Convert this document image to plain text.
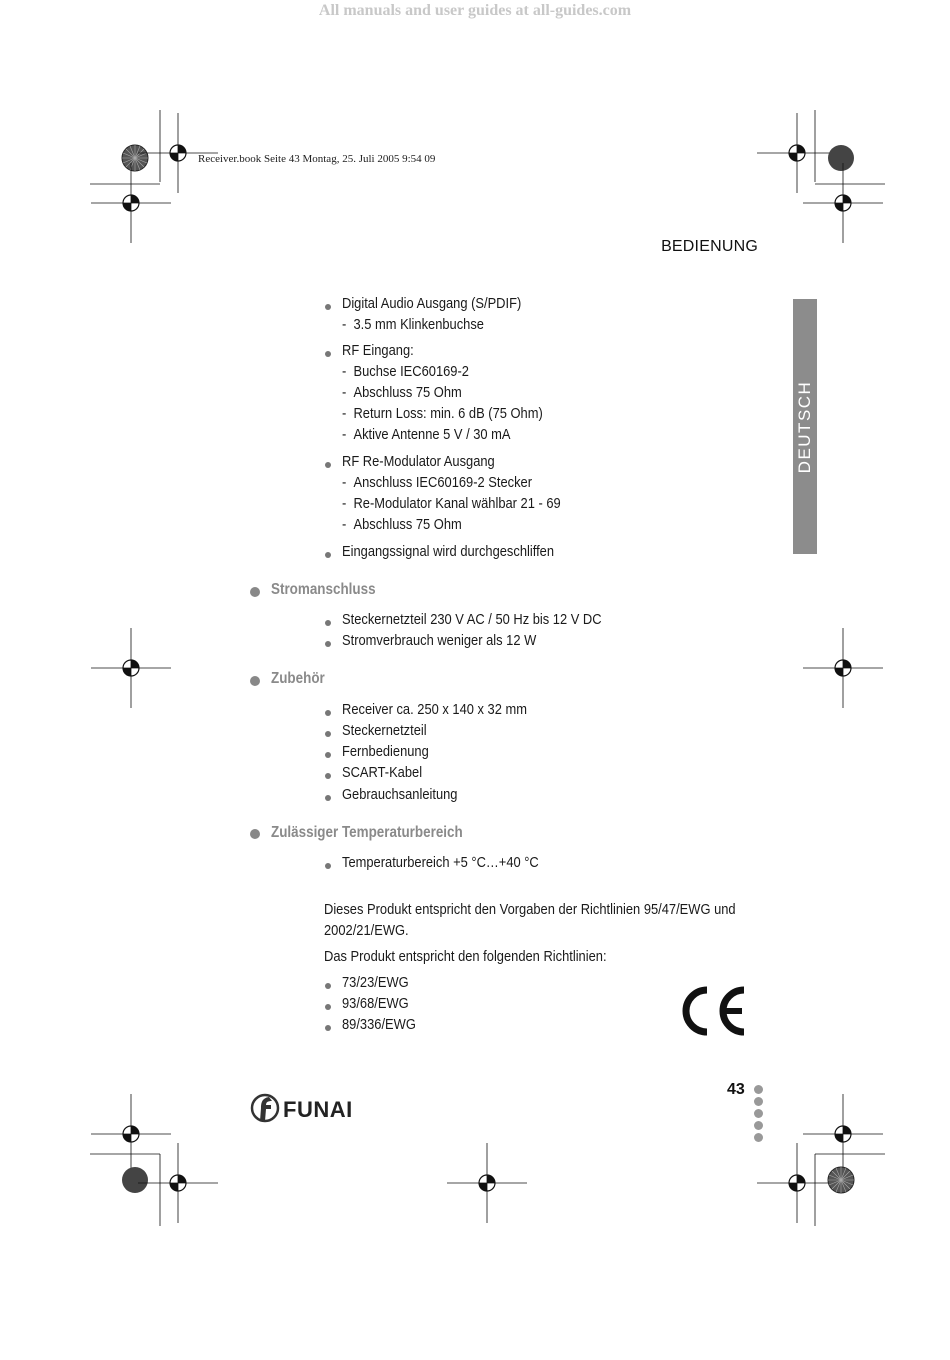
All manuals and user guides at all-guides.com
Receiver.book Seite 43 Montag, 25. Juli 2005 9:54 09
BEDIENUNG
DEUTSCH
Digital Audio Ausgang (S/PDIF)
-  3.5 mm Klinkenbuchse
RF Eingang:
-  Buchse IEC60169-2
-  Abschluss 75 Ohm
-  Return Loss: min. 6 dB (75 Ohm)
-  Aktive Antenne 5 V / 30 mA
RF Re-Modulator Ausgang
-  Anschluss IEC60169-2 Stecker
-  Re-Modulator Kanal wählbar 21 - 69
-  Abschluss 75 Ohm
Eingangssignal wird durchgeschliffen
Stromanschluss
Steckernetzteil 230 V AC / 50 Hz bis 12 V DC
Stromverbrauch weniger als 12 W
Zubehör
Receiver ca. 250 x 140 x 32 mm
Steckernetzteil
Fernbedienung
SCART-Kabel
Gebrauchsanleitung
Zulässiger Temperaturbereich
Temperaturbereich +5 °C…+40 °C
Dieses Produkt entspricht den Vorgaben der Richtlinien 95/47/EWG und
2002/21/EWG.
Das Produkt entspricht den folgenden Richtlinien:
73/23/EWG
93/68/EWG
89/336/EWG
FUNAI
43
